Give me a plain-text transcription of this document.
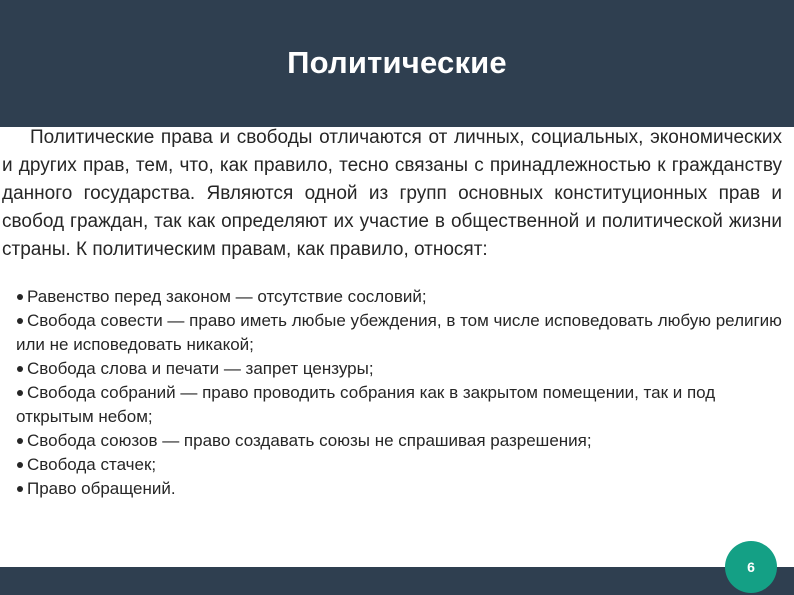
Политические

Политические права и свободы отличаются от личных, социальных, экономических и других прав, тем, что, как правило, тесно связаны с принадлежностью к гражданству данного государства. Являются одной из групп основных конституционных прав и свобод граждан, так как определяют их участие в общественной и политической жизни страны. К политическим правам, как правило, относят:

Равенство перед законом — отсутствие сословий;
Свобода совести — право иметь любые убеждения, в том числе исповедовать любую религию или не исповедовать никакой;
Свобода слова и печати — запрет цензуры;
Свобода собраний — право проводить собрания как в закрытом помещении, так и под открытым небом;
Свобода союзов — право создавать союзы не спрашивая разрешения;
Свобода стачек;
Право обращений.
6
